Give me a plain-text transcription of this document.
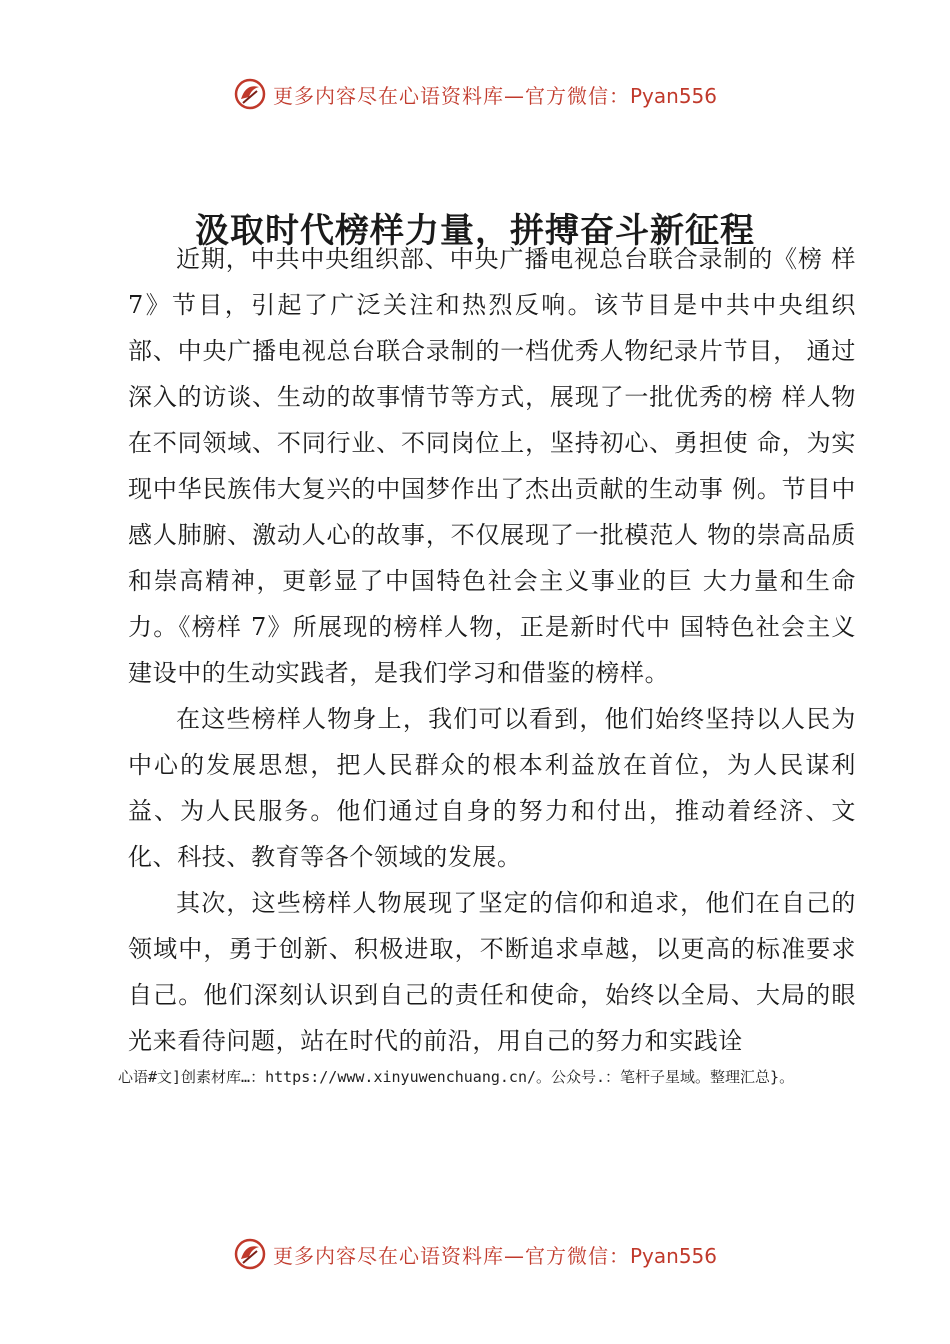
更多内容尽在心语资料库—官方微信：Pyan556
汲取时代榜样力量，拼搏奋斗新征程

近期，中共中央组织部、中央广播电视总台联合录制的《榜 样 7》节目，引起了广泛关注和热烈反响。该节目是中共中央组织部、中央广播电视总台联合录制的一档优秀人物纪录片节目， 通过深入的访谈、生动的故事情节等方式，展现了一批优秀的榜 样人物在不同领域、不同行业、不同岗位上，坚持初心、勇担使 命，为实现中华民族伟大复兴的中国梦作出了杰出贡献的生动事 例。节目中感人肺腑、激动人心的故事，不仅展现了一批模范人 物的崇高品质和崇高精神，更彰显了中国特色社会主义事业的巨 大力量和生命力。《榜样 7》所展现的榜样人物，正是新时代中 国特色社会主义建设中的生动实践者，是我们学习和借鉴的榜样。

在这些榜样人物身上，我们可以看到，他们始终坚持以人民为中心的发展思想，把人民群众的根本利益放在首位，为人民谋利益、为人民服务。他们通过自身的努力和付出，推动着经济、文化、科技、教育等各个领域的发展。

其次，这些榜样人物展现了坚定的信仰和追求，他们在自己的领域中，勇于创新、积极进取，不断追求卓越，以更高的标准要求自己。他们深刻认识到自己的责任和使命，始终以全局、大局的眼光来看待问题，站在时代的前沿，用自己的努力和实践诠

心语#文]创素材库…：https://www.xinyuwenchuang.cn/。公众号.：笔杆子星域。整理汇总}。
更多内容尽在心语资料库—官方微信：Pyan556
